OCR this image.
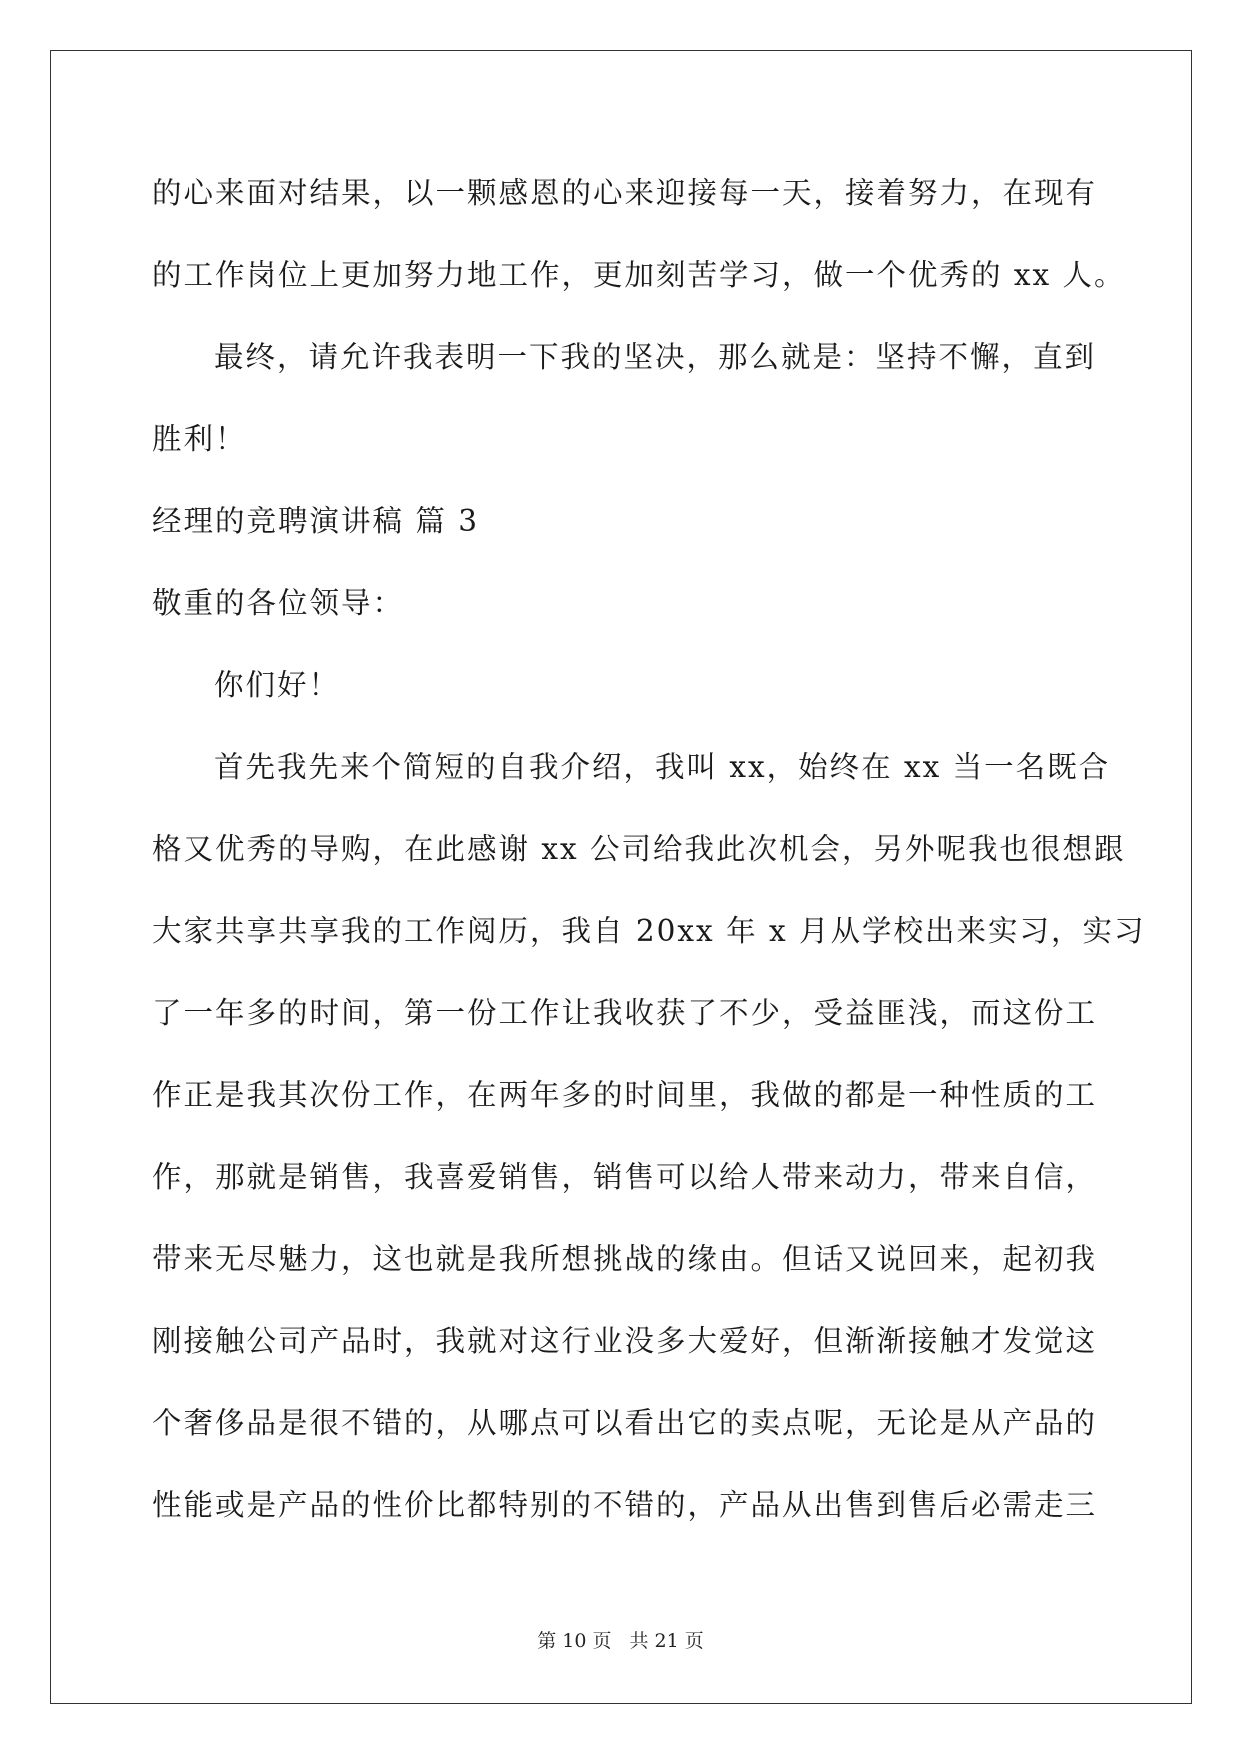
的心来面对结果，以一颗感恩的心来迎接每一天，接着努力，在现有
的工作岗位上更加努力地工作，更加刻苦学习，做一个优秀的 xx 人。
最终，请允许我表明一下我的坚决，那么就是：坚持不懈，直到
胜利！
经理的竞聘演讲稿 篇 3
敬重的各位领导：
你们好！
首先我先来个简短的自我介绍，我叫 xx，始终在 xx 当一名既合
格又优秀的导购，在此感谢 xx 公司给我此次机会，另外呢我也很想跟
大家共享共享我的工作阅历，我自 20xx 年 x 月从学校出来实习，实习
了一年多的时间，第一份工作让我收获了不少，受益匪浅，而这份工
作正是我其次份工作，在两年多的时间里，我做的都是一种性质的工
作，那就是销售，我喜爱销售，销售可以给人带来动力，带来自信，
带来无尽魅力，这也就是我所想挑战的缘由。但话又说回来，起初我
刚接触公司产品时，我就对这行业没多大爱好，但渐渐接触才发觉这
个奢侈品是很不错的，从哪点可以看出它的卖点呢，无论是从产品的
性能或是产品的性价比都特别的不错的，产品从出售到售后必需走三
第 10 页 共 21 页
